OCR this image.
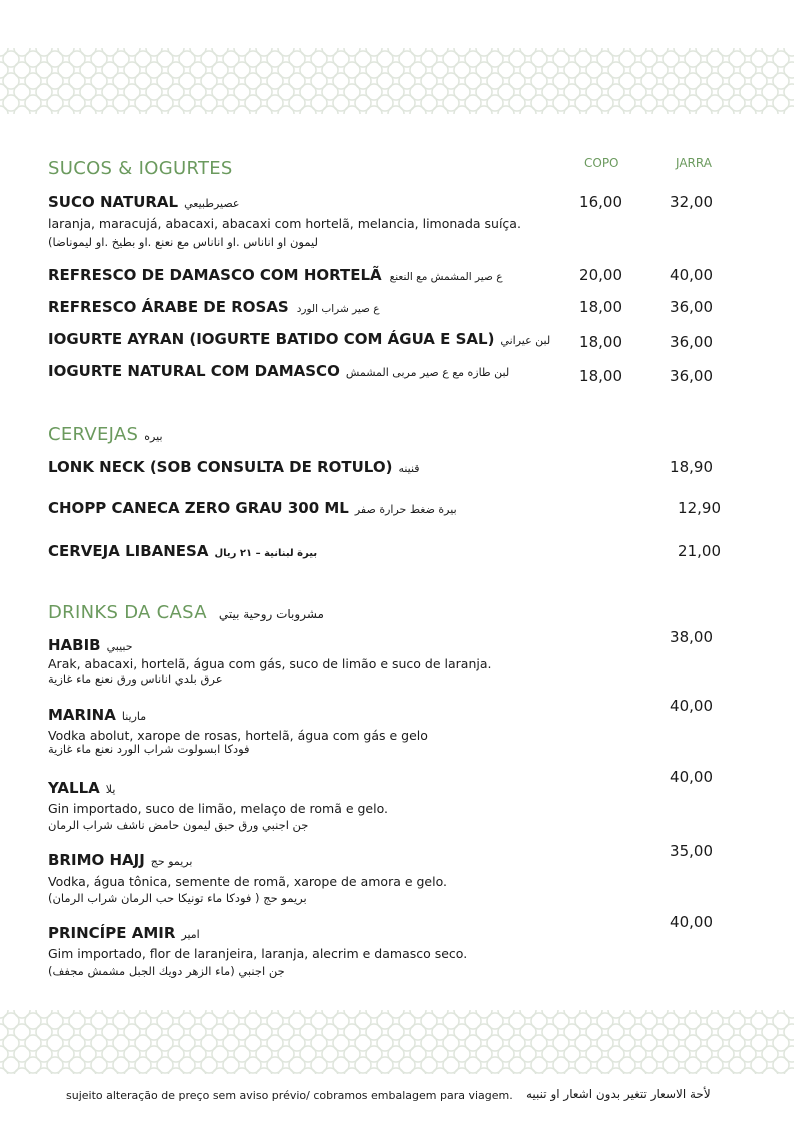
SUCOS & IOGURTES	COPO	JARRA
SUCO NATURAL عصيرطبيعي
laranja, maracujá, abacaxi, abacaxi com hortelã, melancia, limonada suíça.
(ليمون او اناناس .او اناناس مع نعنع .او بطيخ .او ليموناضا
16,00	32,00
REFRESCO DE DAMASCO COM HORTELÃ ع صير المشمش مع النعنع	20,00	40,00
REFRESCO ÁRABE DE ROSAS ع صير شراب الورد	18,00	36,00
IOGURTE AYRAN (IOGURTE BATIDO COM ÁGUA E SAL) لبن عيراني	18,00	36,00
IOGURTE NATURAL COM DAMASCO لبن طازه مع ع صير مربى المشمش	18,00	36,00
CERVEJAS بيره
LONK NECK (SOB CONSULTA DE ROTULO) قنينه	18,90
CHOPP CANECA ZERO GRAU 300 ML بيرة ضغط حرارة صفر	12,90
CERVEJA LIBANESA بيرة لبنانية – ٢١ ريال	21,00
DRINKS DA CASA مشروبات روحية بيتي
HABIB حبيبي
Arak, abacaxi, hortelã, água com gás, suco de limão e suco de laranja.
عرق بلدي اناناس ورق نعنع ماء غازية
38,00
MARINA مارينا
Vodka abolut, xarope de rosas, hortelã, água com gás e gelo
فودكا ابسولوت شراب الورد نعنع ماء غازية
40,00
YALLA يلا
Gin importado, suco de limão, melaço de romã e gelo.
جن اجنبي ورق حبق ليمون حامض ناشف شراب الرمان
40,00
BRIMO HAJJ بريمو حج
Vodka, água tônica, semente de romã, xarope de amora e gelo.
بريمو حج ( فودكا ماء تونيكا حب الرمان شراب الرمان)
35,00
PRINCÍPE AMIR امير
Gim importado, flor de laranjeira, laranja, alecrim e damasco seco.
جن اجنبي (ماء الزهر دويك الجبل مشمش مجفف)
40,00
sujeito alteração de preço sem aviso prévio/ cobramos embalagem para viagem. لأحة الاسعار تتغير بدون اشعار او تنبيه
